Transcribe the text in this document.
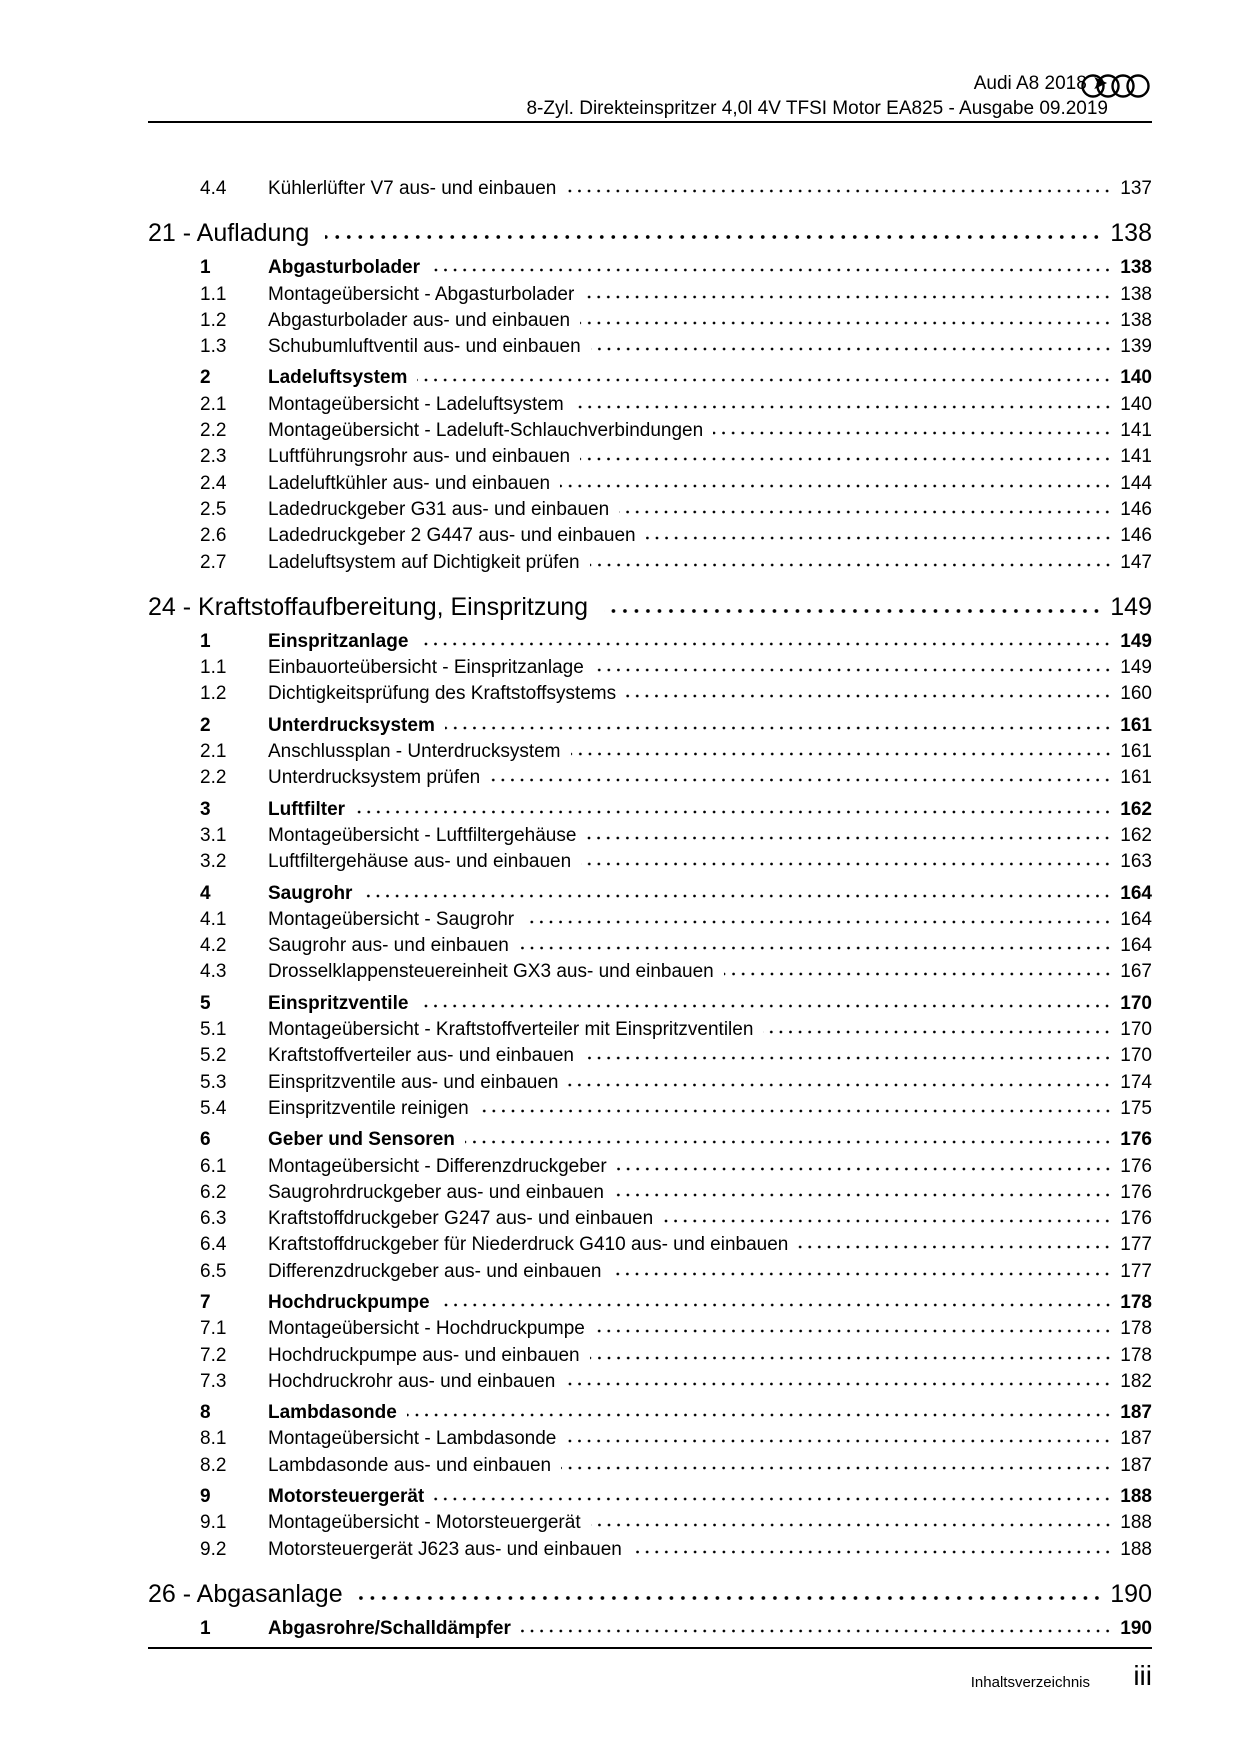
Audi A8 2018 ➤
8-Zyl. Direkteinspritzer 4,0l 4V TFSI Motor EA825 - Ausgabe 09.2019
4.4	Kühlerlüfter V7 aus- und einbauen	137
21 - Aufladung	138
1	Abgasturbolader	138
1.1	Montageübersicht - Abgasturbolader	138
1.2	Abgasturbolader aus- und einbauen	138
1.3	Schubumluftventil aus- und einbauen	139
2	Ladeluftsystem	140
2.1	Montageübersicht - Ladeluftsystem	140
2.2	Montageübersicht - Ladeluft-Schlauchverbindungen	141
2.3	Luftführungsrohr aus- und einbauen	141
2.4	Ladeluftkühler aus- und einbauen	144
2.5	Ladedruckgeber G31 aus- und einbauen	146
2.6	Ladedruckgeber 2 G447 aus- und einbauen	146
2.7	Ladeluftsystem auf Dichtigkeit prüfen	147
24 - Kraftstoffaufbereitung, Einspritzung	149
1	Einspritzanlage	149
1.1	Einbauorteübersicht - Einspritzanlage	149
1.2	Dichtigkeitsprüfung des Kraftstoffsystems	160
2	Unterdrucksystem	161
2.1	Anschlussplan - Unterdrucksystem	161
2.2	Unterdrucksystem prüfen	161
3	Luftfilter	162
3.1	Montageübersicht - Luftfiltergehäuse	162
3.2	Luftfiltergehäuse aus- und einbauen	163
4	Saugrohr	164
4.1	Montageübersicht - Saugrohr	164
4.2	Saugrohr aus- und einbauen	164
4.3	Drosselklappensteuereinheit GX3 aus- und einbauen	167
5	Einspritzventile	170
5.1	Montageübersicht - Kraftstoffverteiler mit Einspritzventilen	170
5.2	Kraftstoffverteiler aus- und einbauen	170
5.3	Einspritzventile aus- und einbauen	174
5.4	Einspritzventile reinigen	175
6	Geber und Sensoren	176
6.1	Montageübersicht - Differenzdruckgeber	176
6.2	Saugrohrdruckgeber aus- und einbauen	176
6.3	Kraftstoffdruckgeber G247 aus- und einbauen	176
6.4	Kraftstoffdruckgeber für Niederdruck G410 aus- und einbauen	177
6.5	Differenzdruckgeber aus- und einbauen	177
7	Hochdruckpumpe	178
7.1	Montageübersicht - Hochdruckpumpe	178
7.2	Hochdruckpumpe aus- und einbauen	178
7.3	Hochdruckrohr aus- und einbauen	182
8	Lambdasonde	187
8.1	Montageübersicht - Lambdasonde	187
8.2	Lambdasonde aus- und einbauen	187
9	Motorsteuergerät	188
9.1	Montageübersicht - Motorsteuergerät	188
9.2	Motorsteuergerät J623 aus- und einbauen	188
26 - Abgasanlage	190
1	Abgasrohre/Schalldämpfer	190
Inhaltsverzeichnis iii
